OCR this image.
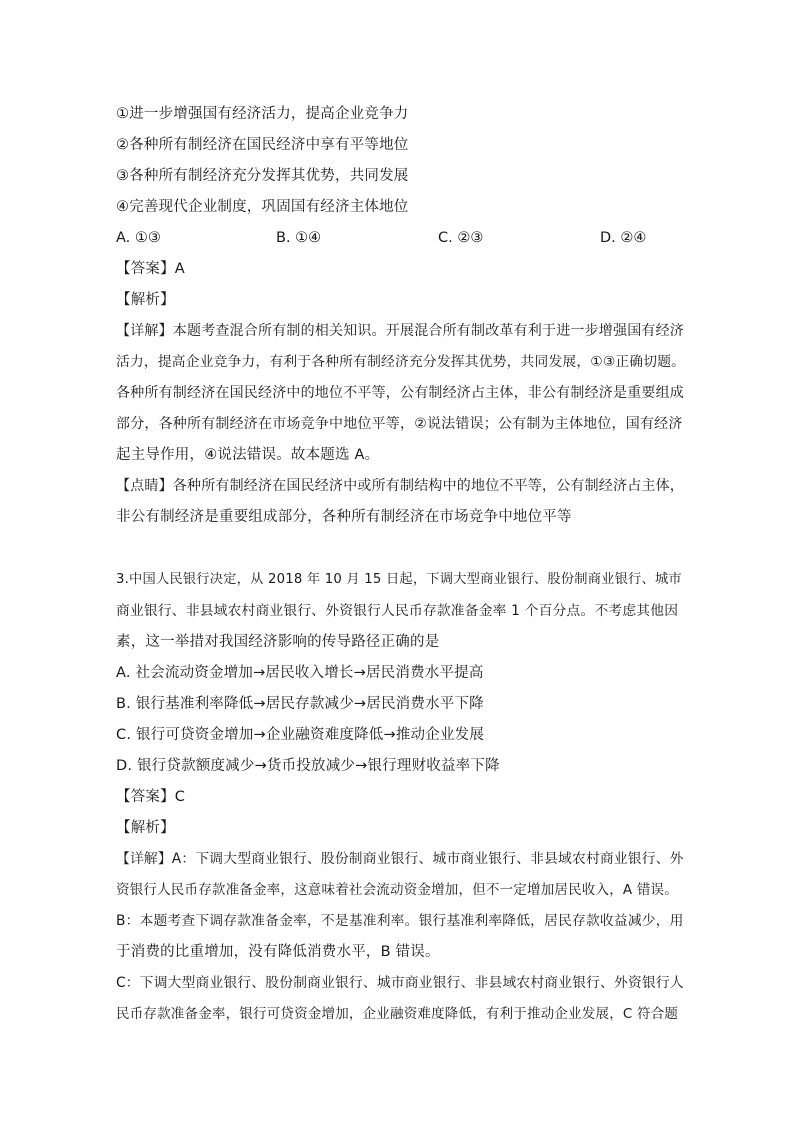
①进一步增强国有经济活力，提高企业竞争力
②各种所有制经济在国民经济中享有平等地位
③各种所有制经济充分发挥其优势，共同发展
④完善现代企业制度，巩固国有经济主体地位
A. ①③	B. ①④	C. ②③	D. ②④
【答案】A
【解析】
【详解】本题考查混合所有制的相关知识。开展混合所有制改革有利于进一步增强国有经济
活力，提高企业竞争力，有利于各种所有制经济充分发挥其优势，共同发展，①③正确切题。
各种所有制经济在国民经济中的地位不平等，公有制经济占主体，非公有制经济是重要组成
部分，各种所有制经济在市场竞争中地位平等，②说法错误；公有制为主体地位，国有经济
起主导作用，④说法错误。故本题选 A。
【点睛】各种所有制经济在国民经济中或所有制结构中的地位不平等，公有制经济占主体，
非公有制经济是重要组成部分，各种所有制经济在市场竞争中地位平等
3.中国人民银行决定，从 2018 年 10 月 15 日起，下调大型商业银行、股份制商业银行、城市
商业银行、非县域农村商业银行、外资银行人民币存款准备金率 1 个百分点。不考虑其他因
素，这一举措对我国经济影响的传导路径正确的是
A. 社会流动资金增加→居民收入增长→居民消费水平提高
B. 银行基准利率降低→居民存款减少→居民消费水平下降
C. 银行可贷资金增加→企业融资难度降低→推动企业发展
D. 银行贷款额度减少→货币投放减少→银行理财收益率下降
【答案】C
【解析】
【详解】A：下调大型商业银行、股份制商业银行、城市商业银行、非县域农村商业银行、外
资银行人民币存款准备金率，这意味着社会流动资金增加，但不一定增加居民收入，A 错误。
B：本题考查下调存款准备金率，不是基准利率。银行基准利率降低，居民存款收益减少，用
于消费的比重增加，没有降低消费水平，B 错误。
C：下调大型商业银行、股份制商业银行、城市商业银行、非县域农村商业银行、外资银行人
民币存款准备金率，银行可贷资金增加，企业融资难度降低，有利于推动企业发展，C 符合题
